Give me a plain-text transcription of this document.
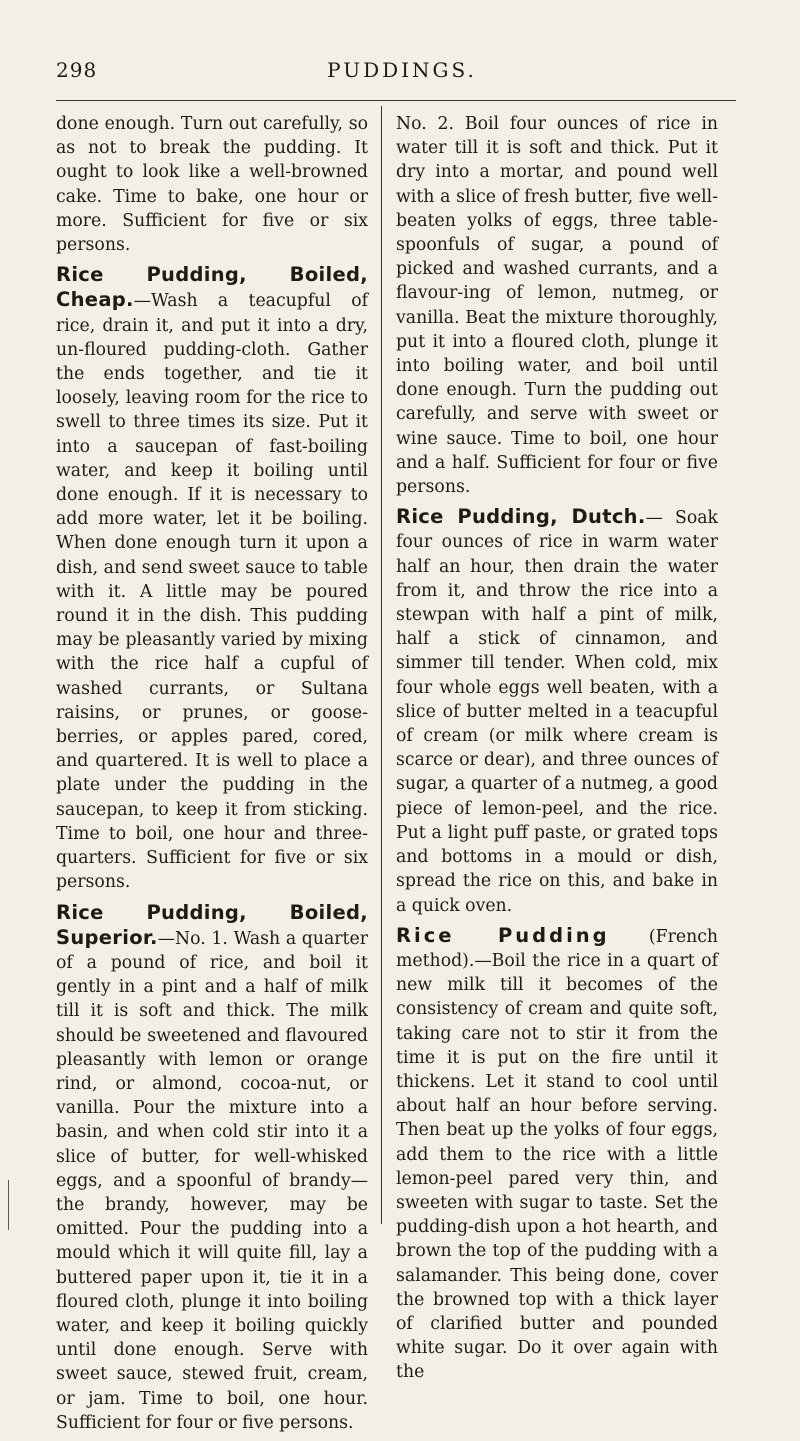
298	PUDDINGS.

done enough. Turn out carefully, so as not to break the pudding. It ought to look like a well-browned cake. Time to bake, one hour or more. Sufficient for five or six persons.

Rice Pudding, Boiled, Cheap.—Wash a teacupful of rice, drain it, and put it into a dry, un-floured pudding-cloth. Gather the ends together, and tie it loosely, leaving room for the rice to swell to three times its size. Put it into a saucepan of fast-boiling water, and keep it boiling until done enough. If it is necessary to add more water, let it be boiling. When done enough turn it upon a dish, and send sweet sauce to table with it. A little may be poured round it in the dish. This pudding may be pleasantly varied by mixing with the rice half a cupful of washed currants, or Sultana raisins, or prunes, or goose-berries, or apples pared, cored, and quartered. It is well to place a plate under the pudding in the saucepan, to keep it from sticking. Time to boil, one hour and three-quarters. Sufficient for five or six persons.

Rice Pudding, Boiled, Superior.—No. 1. Wash a quarter of a pound of rice, and boil it gently in a pint and a half of milk till it is soft and thick. The milk should be sweetened and flavoured pleasantly with lemon or orange rind, or almond, cocoa-nut, or vanilla. Pour the mixture into a basin, and when cold stir into it a slice of butter, for well-whisked eggs, and a spoonful of brandy—the brandy, however, may be omitted. Pour the pudding into a mould which it will quite fill, lay a buttered paper upon it, tie it in a floured cloth, plunge it into boiling water, and keep it boiling quickly until done enough. Serve with sweet sauce, stewed fruit, cream, or jam. Time to boil, one hour. Sufficient for four or five persons.

No. 2. Boil four ounces of rice in water till it is soft and thick. Put it dry into a mortar, and pound well with a slice of fresh butter, five well-beaten yolks of eggs, three table-spoonfuls of sugar, a pound of picked and washed currants, and a flavour-ing of lemon, nutmeg, or vanilla. Beat the mixture thoroughly, put it into a floured cloth, plunge it into boiling water, and boil until done enough. Turn the pudding out carefully, and serve with sweet or wine sauce. Time to boil, one hour and a half. Sufficient for four or five persons.

Rice Pudding, Dutch.— Soak four ounces of rice in warm water half an hour, then drain the water from it, and throw the rice into a stewpan with half a pint of milk, half a stick of cinnamon, and simmer till tender. When cold, mix four whole eggs well beaten, with a slice of butter melted in a teacupful of cream (or milk where cream is scarce or dear), and three ounces of sugar, a quarter of a nutmeg, a good piece of lemon-peel, and the rice. Put a light puff paste, or grated tops and bottoms in a mould or dish, spread the rice on this, and bake in a quick oven.

Rice Pudding (French method).—Boil the rice in a quart of new milk till it becomes of the consistency of cream and quite soft, taking care not to stir it from the time it is put on the fire until it thickens. Let it stand to cool until about half an hour before serving. Then beat up the yolks of four eggs, add them to the rice with a little lemon-peel pared very thin, and sweeten with sugar to taste. Set the pudding-dish upon a hot hearth, and brown the top of the pudding with a salamander. This being done, cover the browned top with a thick layer of clarified butter and pounded white sugar. Do it over again with the
